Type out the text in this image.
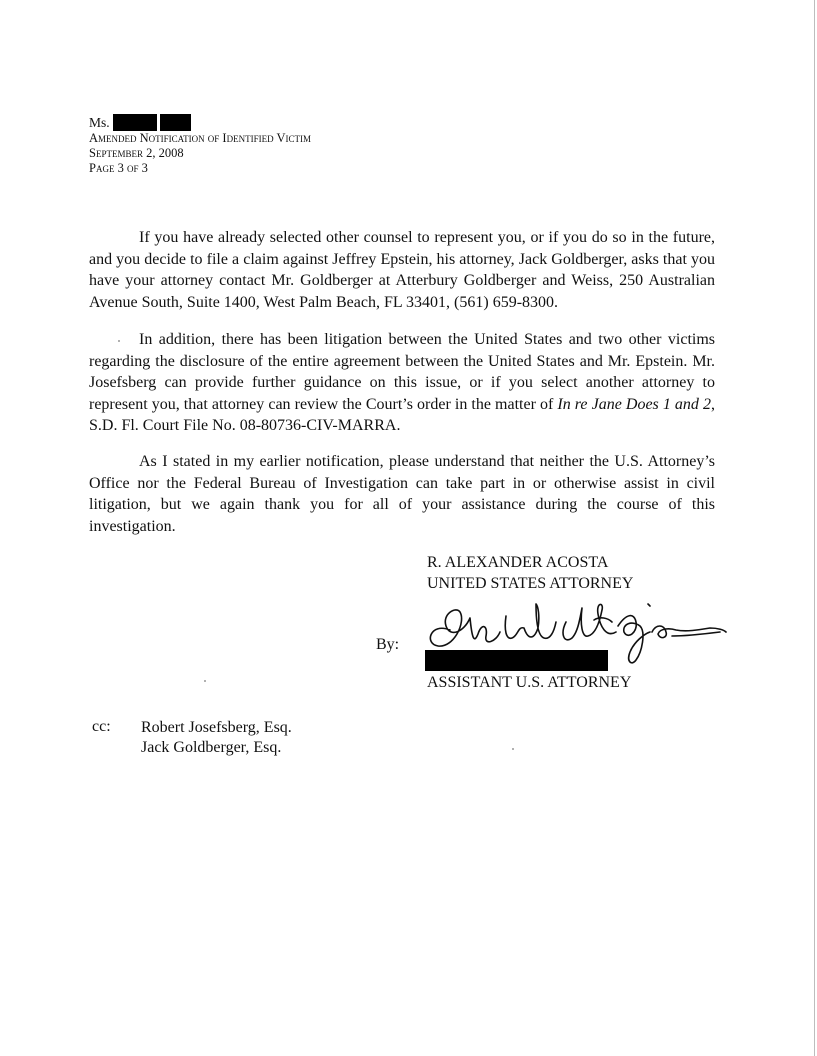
Ms.
Amended Notification of Identified Victim
September 2, 2008
Page 3 of 3

If you have already selected other counsel to represent you, or if you do so in the future, and you decide to file a claim against Jeffrey Epstein, his attorney, Jack Goldberger, asks that you have your attorney contact Mr. Goldberger at Atterbury Goldberger and Weiss, 250 Australian Avenue South, Suite 1400, West Palm Beach, FL 33401, (561) 659-8300.

In addition, there has been litigation between the United States and two other victims regarding the disclosure of the entire agreement between the United States and Mr. Epstein. Mr. Josefsberg can provide further guidance on this issue, or if you select another attorney to represent you, that attorney can review the Court’s order in the matter of In re Jane Does 1 and 2, S.D. Fl. Court File No. 08-80736-CIV-MARRA.

As I stated in my earlier notification, please understand that neither the U.S. Attorney’s Office nor the Federal Bureau of Investigation can take part in or otherwise assist in civil litigation, but we again thank you for all of your assistance during the course of this investigation.

R. ALEXANDER ACOSTA
UNITED STATES ATTORNEY
By:
ASSISTANT U.S. ATTORNEY
cc: Robert Josefsberg, Esq.
Jack Goldberger, Esq.
